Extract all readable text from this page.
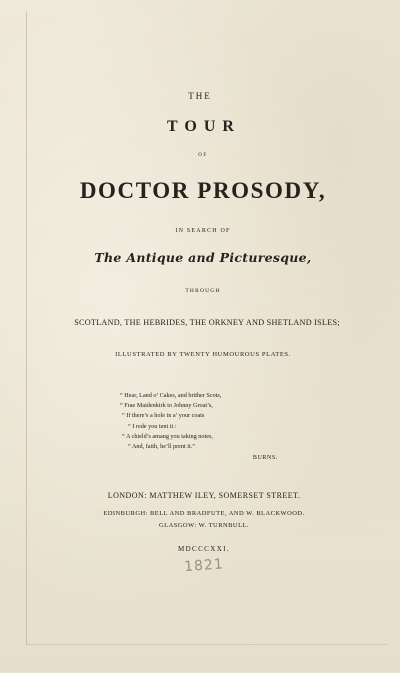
THE
TOUR
OF
DOCTOR PROSODY,
IN SEARCH OF
The Antique and Picturesque,
THROUGH
SCOTLAND, THE HEBRIDES, THE ORKNEY AND SHETLAND ISLES;
ILLUSTRATED BY TWENTY HUMOUROUS PLATES.
“ Hear, Land o’ Cakes, and brither Scots,
“ Frae Maidenkirk to Johnny Groat’s,
“ If there’s a hole in a’ your coats
“ I rede you tent it :
“ A chield’s amang you taking notes,
“ And, faith, he’ll prent it.”
BURNS.
LONDON: MATTHEW ILEY, SOMERSET STREET.
EDINBURGH: BELL AND BRADFUTE, AND W. BLACKWOOD.
GLASGOW: W. TURNBULL.
MDCCCXXI.
1821
